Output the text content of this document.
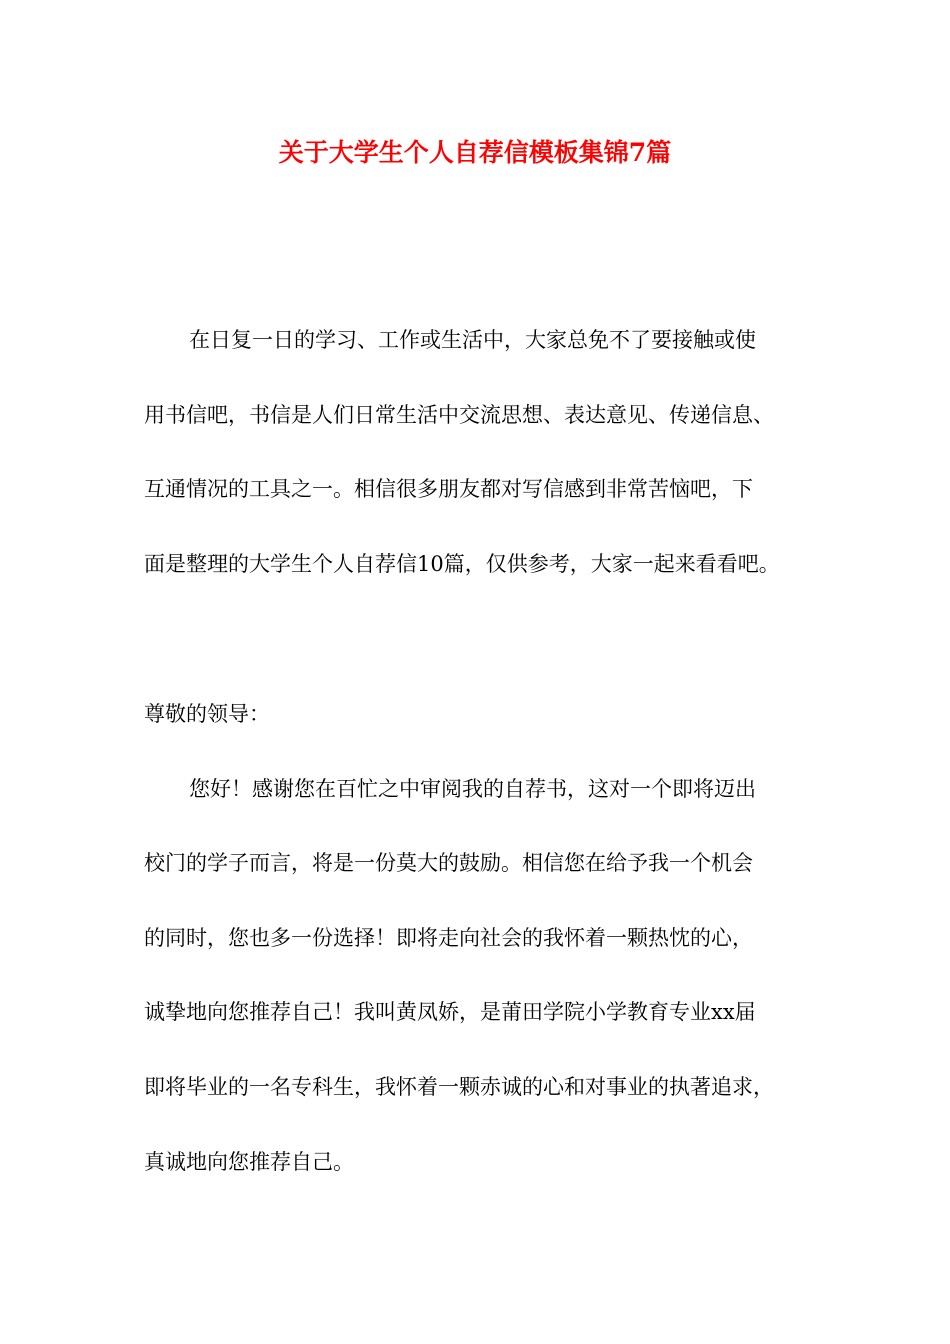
关于大学生个人自荐信模板集锦7篇
在日复一日的学习、工作或生活中，大家总免不了要接触或使
用书信吧，书信是人们日常生活中交流思想、表达意见、传递信息、
互通情况的工具之一。相信很多朋友都对写信感到非常苦恼吧，下
面是整理的大学生个人自荐信10篇，仅供参考，大家一起来看看吧。
尊敬的领导：
您好！感谢您在百忙之中审阅我的自荐书，这对一个即将迈出
校门的学子而言，将是一份莫大的鼓励。相信您在给予我一个机会
的同时，您也多一份选择！即将走向社会的我怀着一颗热忱的心，
诚挚地向您推荐自己！我叫黄凤娇，是莆田学院小学教育专业xx届
即将毕业的一名专科生，我怀着一颗赤诚的心和对事业的执著追求，
真诚地向您推荐自己。
